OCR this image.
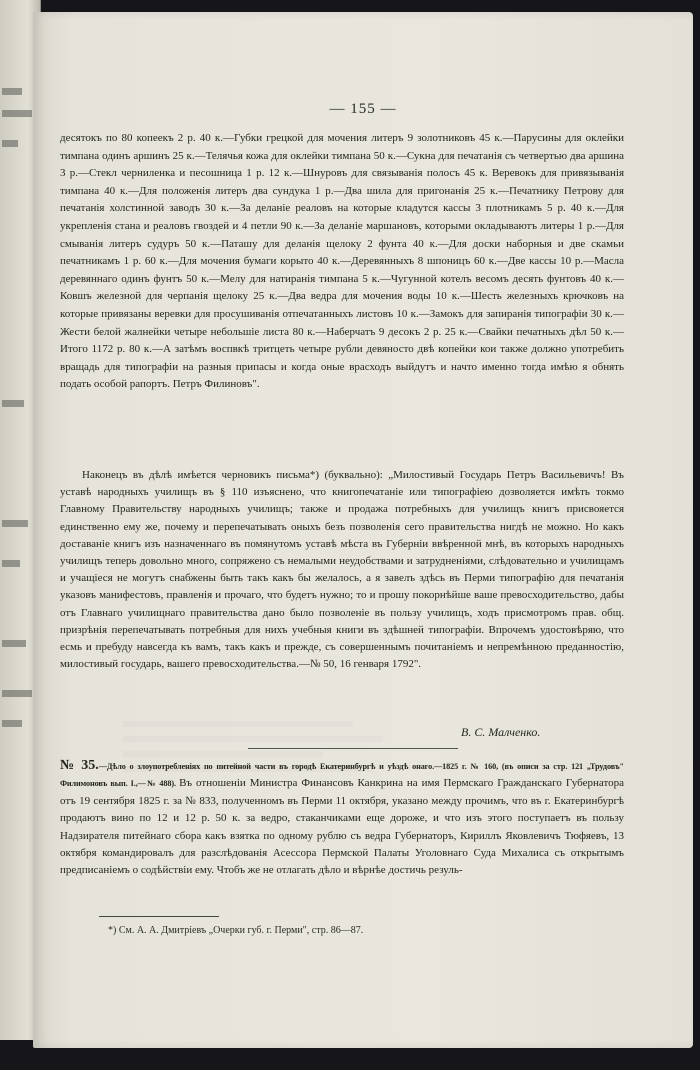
— 155 —

десятокъ по 80 копеекъ 2 р. 40 к.—Губки грецкой для мочения литеръ 9 золотниковъ 45 к.—Парусины для оклейки тимпана одинъ аршинъ 25 к.—Телячья кожа для оклейки тимпана 50 к.—Сукна для печатанія съ четвертью два аршина 3 р.—Стекл черниленка и песошница 1 р. 12 к.—Шнуровъ для связыванія полосъ 45 к. Веревокъ для привязыванія тимпана 40 к.—Для положенія литеръ два сундука 1 р.—Два шила для пригонанія 25 к.—Печатнику Петрову для печатанія холстинной заводъ 30 к.—За деланіе реаловъ на которые кладутся кассы 3 плотникамъ 5 р. 40 к.—Для укрепленія стана и реаловъ гвоздей и 4 петли 90 к.—За деланіе маршановъ, которыми окладываютъ литеры 1 р.—Для смыванія литеръ судуръ 50 к.—Паташу для деланія щелоку 2 фунта 40 к.—Для доски наборныя и две скамьи печатникамъ 1 р. 60 к.—Для мочения бумаги корыто 40 к.—Деревянныхъ 8 шпоницъ 60 к.—Две кассы 10 р.—Масла деревяннаго одинъ фунтъ 50 к.—Мелу для натиранія тимпана 5 к.—Чугунной котелъ весомъ десять фунтовъ 40 к.—Ковшъ железной для черпанія щелоку 25 к.—Два ведра для мочения воды 10 к.—Шесть железныхъ крючковъ на которые привязаны веревки для просушиванія отпечатанныхъ листовъ 10 к.—Замокъ для запиранія типографіи 30 к.—Жести белой жалнейки четыре небольшіе листа 80 к.—Наберчатъ 9 десокъ 2 р. 25 к.—Свайки печатныхъ дѣл 50 к.—Итого 1172 р. 80 к.—А затѣмъ воспвкѣ тритцеть четыре рубли девяносто двѣ копейки кои также должно употребить вращадь для типографіи на разныя припасы и когда оные врасходъ выйдутъ и начто именно тогда имѣю я обнять подать особой рапортъ. Петръ Филиновъ".

Наконецъ въ дѣлѣ имѣется черновикъ письма*) (буквально): „Милостивый Государь Петръ Васильевичъ! Въ уставѣ народныхъ училищъ въ § 110 изъяснено, что книгопечатаніе или типографіею дозволяется имѣть токмо Главному Правительству народныхъ училищъ; также и продажа потребныхъ для училищъ книгъ присвояется единственно ему же, почему и перепечатывать оныхъ безъ позволенія сего правительства нигдѣ не можно. Но какъ доставаніе книгъ изъ назначеннаго въ помянутомъ уставѣ мѣста въ Губерніи ввѣренной мнѣ, въ которыхъ народныхъ училищъ теперь довольно много, сопряжено съ немалыми неудобствами и затрудненіями, слѣдовательно и училищамъ и учащіеся не могутъ снабжены быть такъ какъ бы желалось, а я завелъ здѣсь въ Перми типографію для печатанія указовъ манифестовъ, правленія и прочаго, что будетъ нужно; то и прошу покорнѣйше ваше превосходительство, дабы отъ Главнаго училищнаго правительства дано было позволеніе въ пользу училищъ, ходъ присмотромъ прав. общ. призрѣнія перепечатывать потребныя для нихъ учебныя книги въ здѣшней типографіи. Впрочемъ удостовѣряю, что есмь и пребуду навсегда къ вамъ, такъ какъ и прежде, съ совершеннымъ почитаніемъ и непремѣнною преданностію, милостивый государь, вашего превосходительства.—№ 50, 16 генваря 1792".
В. С. Малченко.
№ 35.—Дѣло о злоупотребленіях по питейной части въ городѣ Екатеринбургѣ и уѣздѣ онаго.—1825 г. № 160, (въ описи за стр. 121 „Трудовъ" Филимоновъ вып. I.,—№ 488). Въ отношеніи Министра Финансовъ Канкрина на имя Пермскаго Гражданскаго Губернатора отъ 19 сентября 1825 г. за № 833, полученномъ въ Перми 11 октября, указано между прочимъ, что въ г. Екатеринбургѣ продаютъ вино по 12 и 12 р. 50 к. за ведро, стаканчиками еще дороже, и что изъ этого поступаетъ въ пользу Надзирателя питейнаго сбора какъ взятка по одному рублю съ ведра Губернаторъ, Кириллъ Яковлевичъ Тюфяевъ, 13 октября командировалъ для разслѣдованія Асессора Пермской Палаты Уголовнаго Суда Михалиса съ открытымъ предписаніемъ о содѣйствіи ему. Чтобъ же не отлагать дѣло и вѣрнѣе достичь резуль-
*) См. А. А. Дмитріевъ „Очерки губ. г. Перми", стр. 86—87.
